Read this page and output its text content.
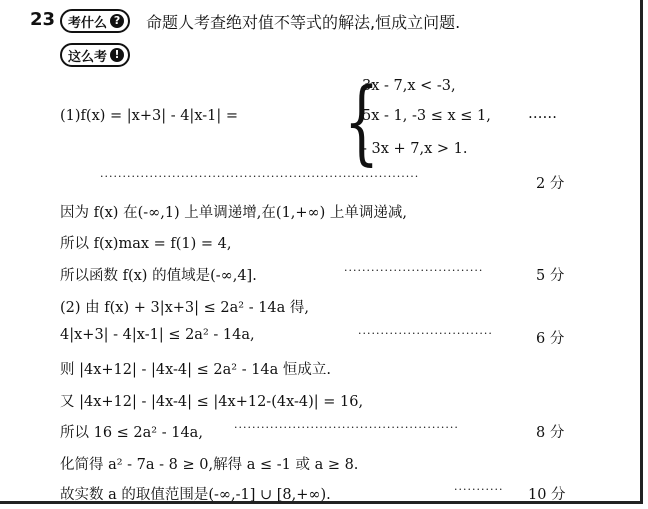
23 考什么 ? 命题人考查绝对值不等式的解法,恒成立问题.
这么考 !
(1)f(x) = |x+3| - 4|x-1| = {
3x - 7,x < -3,
5x - 1, -3 ≤ x ≤ 1,	……
- 3x + 7,x > 1.
·······································································	2 分
因为 f(x) 在(-∞,1) 上单调递增,在(1,+∞) 上单调递减,
所以 f(x)max = f(1) = 4,
所以函数 f(x) 的值域是(-∞,4].	·······························	5 分
(2) 由 f(x) + 3|x+3| ≤ 2a² - 14a 得,
4|x+3| - 4|x-1| ≤ 2a² - 14a,	······························	6 分
则 |4x+12| - |4x-4| ≤ 2a² - 14a 恒成立.
又 |4x+12| - |4x-4| ≤ |4x+12-(4x-4)| = 16,
所以 16 ≤ 2a² - 14a,	··················································	8 分
化简得 a² - 7a - 8 ≥ 0,解得 a ≤ -1 或 a ≥ 8.
故实数 a 的取值范围是(-∞,-1] ∪ [8,+∞).	··········· 10 分
